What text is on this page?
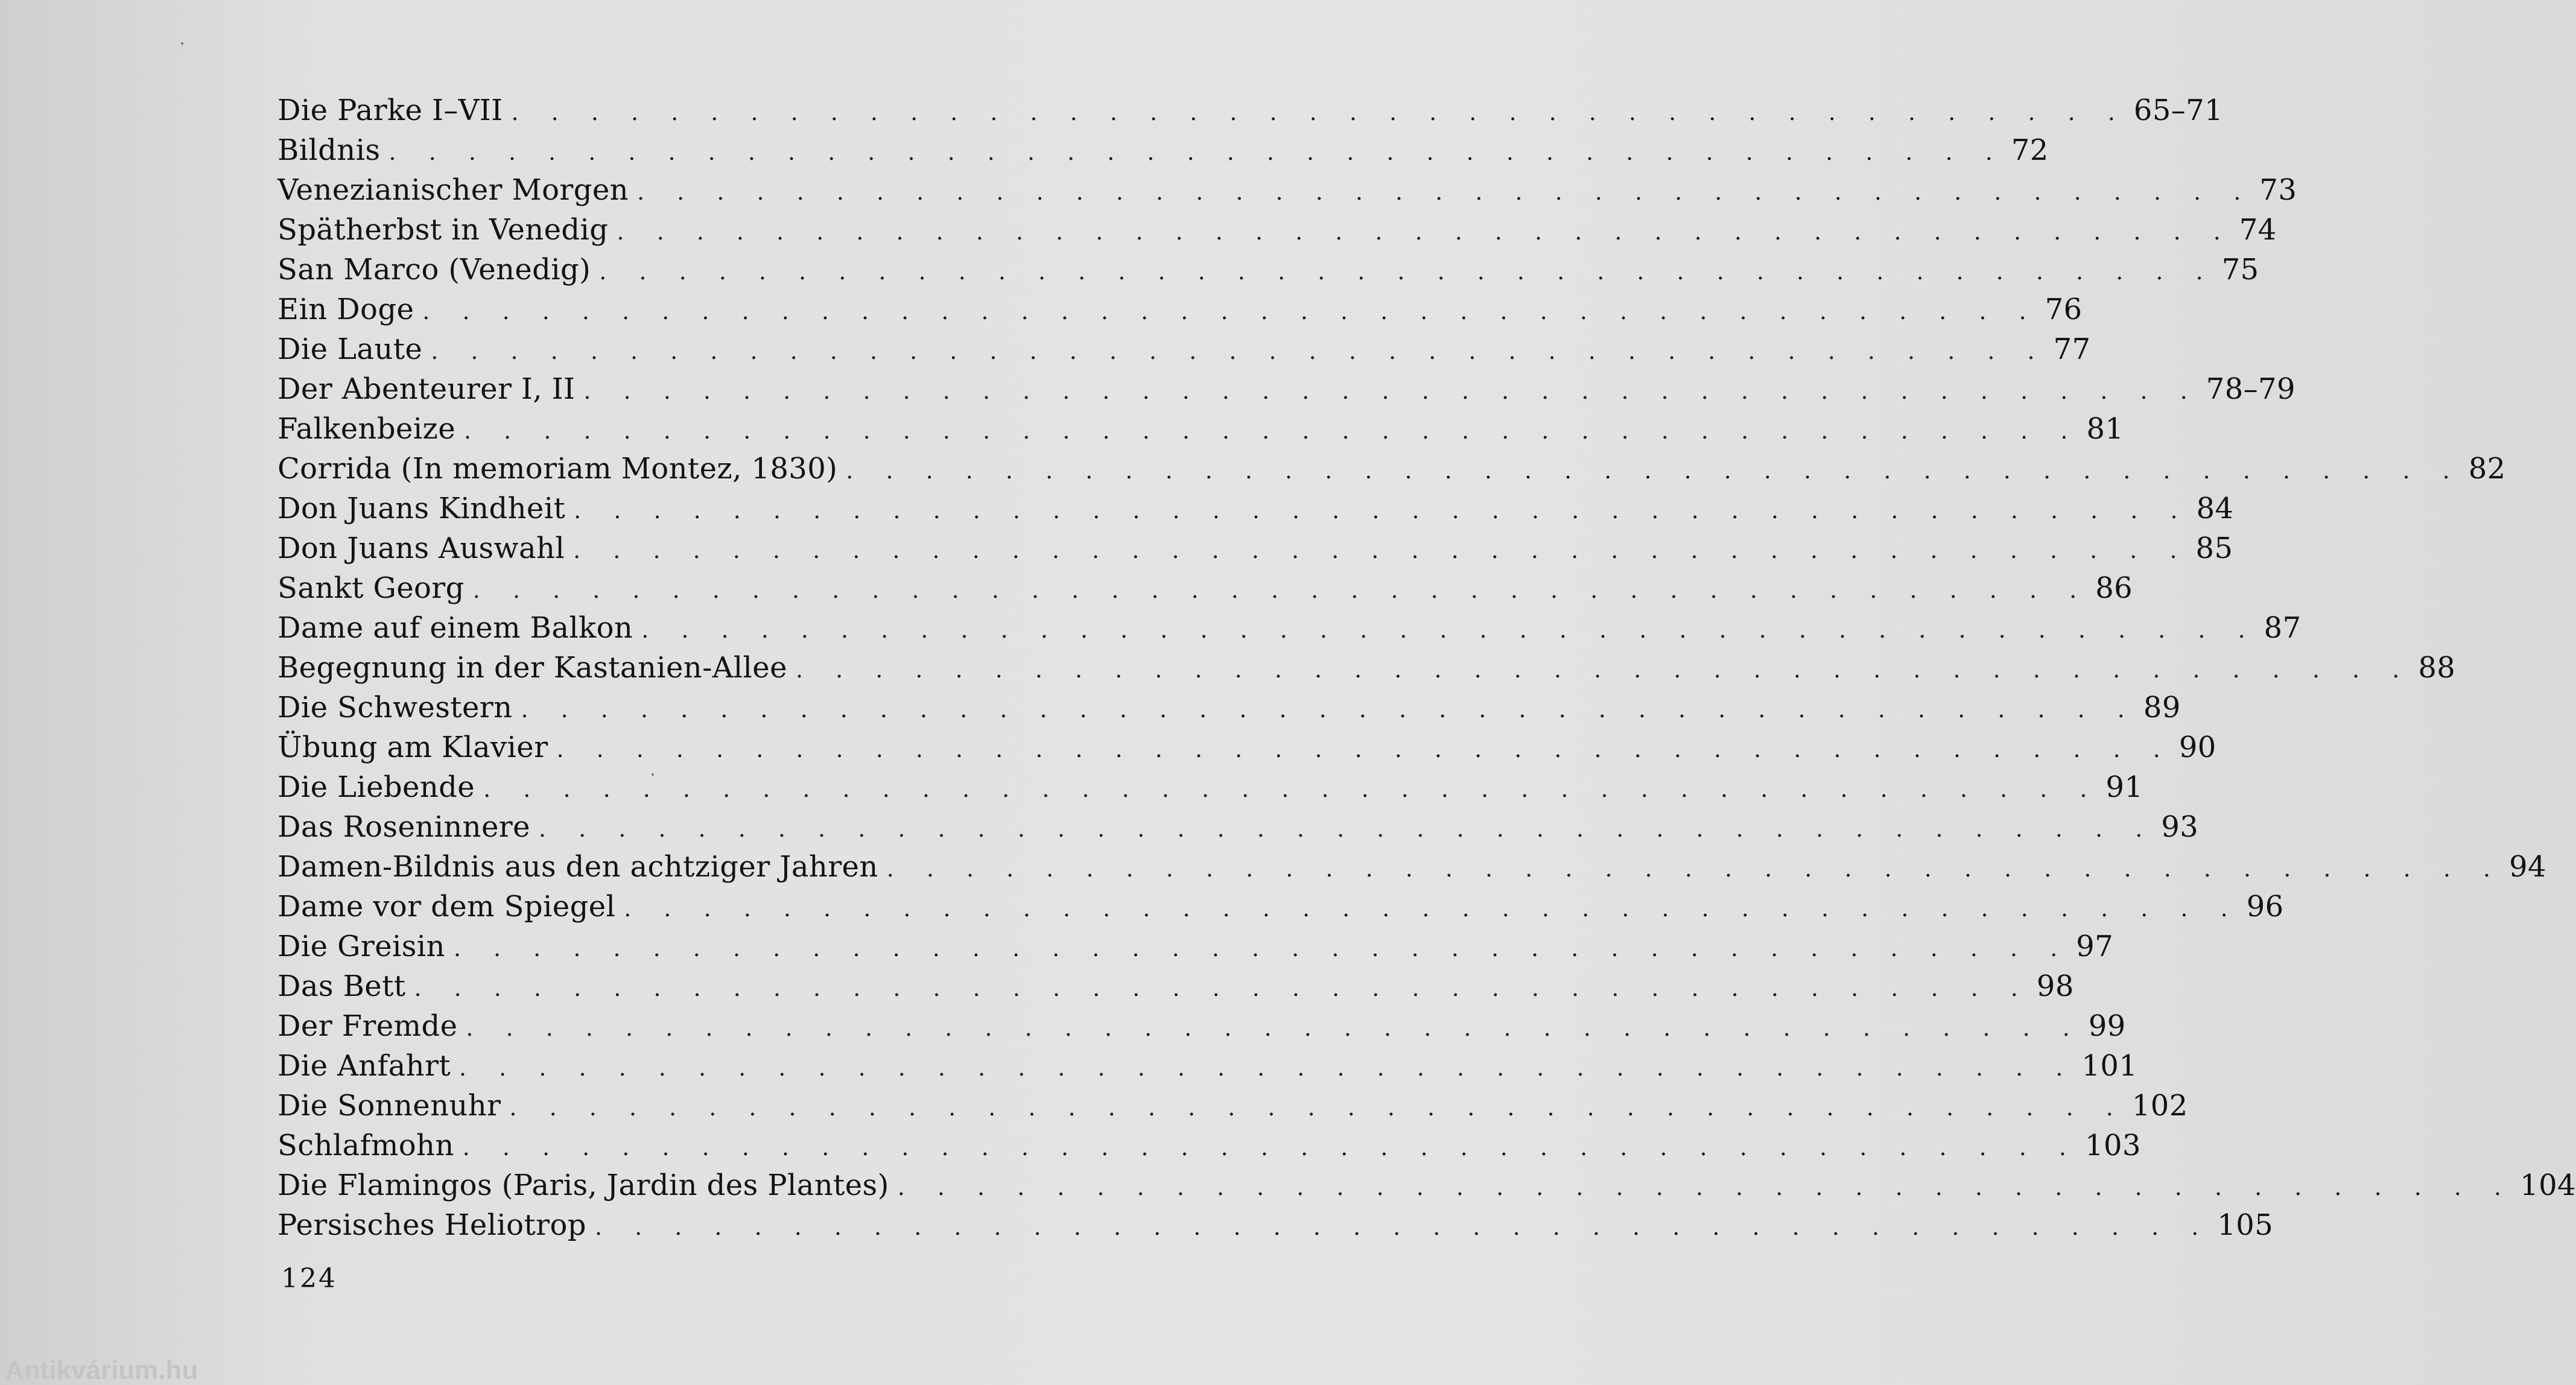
Die Parke I–VII . . . . . . . . . . . . . . . . . . . . . . . . . . . . . . . . . . . . . . . . . 65–71
Bildnis . . . . . . . . . . . . . . . . . . . . . . . . . . . . . . . . . . . . . . . . . 72
Venezianischer Morgen . . . . . . . . . . . . . . . . . . . . . . . . . . . . . . . . . . . . . . . . . 73
Spätherbst in Venedig . . . . . . . . . . . . . . . . . . . . . . . . . . . . . . . . . . . . . . . . . 74
San Marco (Venedig) . . . . . . . . . . . . . . . . . . . . . . . . . . . . . . . . . . . . . . . . . 75
Ein Doge . . . . . . . . . . . . . . . . . . . . . . . . . . . . . . . . . . . . . . . . . 76
Die Laute . . . . . . . . . . . . . . . . . . . . . . . . . . . . . . . . . . . . . . . . . 77
Der Abenteurer I, II . . . . . . . . . . . . . . . . . . . . . . . . . . . . . . . . . . . . . . . . . 78–79
Falkenbeize . . . . . . . . . . . . . . . . . . . . . . . . . . . . . . . . . . . . . . . . . 81
Corrida (In memoriam Montez, 1830) . . . . . . . . . . . . . . . . . . . . . . . . . . . . . . . . . . . . . . . . . 82
Don Juans Kindheit . . . . . . . . . . . . . . . . . . . . . . . . . . . . . . . . . . . . . . . . . 84
Don Juans Auswahl . . . . . . . . . . . . . . . . . . . . . . . . . . . . . . . . . . . . . . . . . 85
Sankt Georg . . . . . . . . . . . . . . . . . . . . . . . . . . . . . . . . . . . . . . . . . 86
Dame auf einem Balkon . . . . . . . . . . . . . . . . . . . . . . . . . . . . . . . . . . . . . . . . . 87
Begegnung in der Kastanien-Allee . . . . . . . . . . . . . . . . . . . . . . . . . . . . . . . . . . . . . . . . . 88
Die Schwestern . . . . . . . . . . . . . . . . . . . . . . . . . . . . . . . . . . . . . . . . . 89
Übung am Klavier . . . . . . . . . . . . . . . . . . . . . . . . . . . . . . . . . . . . . . . . . 90
Die Liebende . . . . . . . . . . . . . . . . . . . . . . . . . . . . . . . . . . . . . . . . . 91
Das Roseninnere . . . . . . . . . . . . . . . . . . . . . . . . . . . . . . . . . . . . . . . . . 93
Damen-Bildnis aus den achtziger Jahren . . . . . . . . . . . . . . . . . . . . . . . . . . . . . . . . . . . . . . . . . 94
Dame vor dem Spiegel . . . . . . . . . . . . . . . . . . . . . . . . . . . . . . . . . . . . . . . . . 96
Die Greisin . . . . . . . . . . . . . . . . . . . . . . . . . . . . . . . . . . . . . . . . . 97
Das Bett . . . . . . . . . . . . . . . . . . . . . . . . . . . . . . . . . . . . . . . . . 98
Der Fremde . . . . . . . . . . . . . . . . . . . . . . . . . . . . . . . . . . . . . . . . . 99
Die Anfahrt . . . . . . . . . . . . . . . . . . . . . . . . . . . . . . . . . . . . . . . . . 101
Die Sonnenuhr . . . . . . . . . . . . . . . . . . . . . . . . . . . . . . . . . . . . . . . . . 102
Schlafmohn . . . . . . . . . . . . . . . . . . . . . . . . . . . . . . . . . . . . . . . . . 103
Die Flamingos (Paris, Jardin des Plantes) . . . . . . . . . . . . . . . . . . . . . . . . . . . . . . . . . . . . . . . . . 104
Persisches Heliotrop . . . . . . . . . . . . . . . . . . . . . . . . . . . . . . . . . . . . . . . . . 105
124
Antikvárium.hu
